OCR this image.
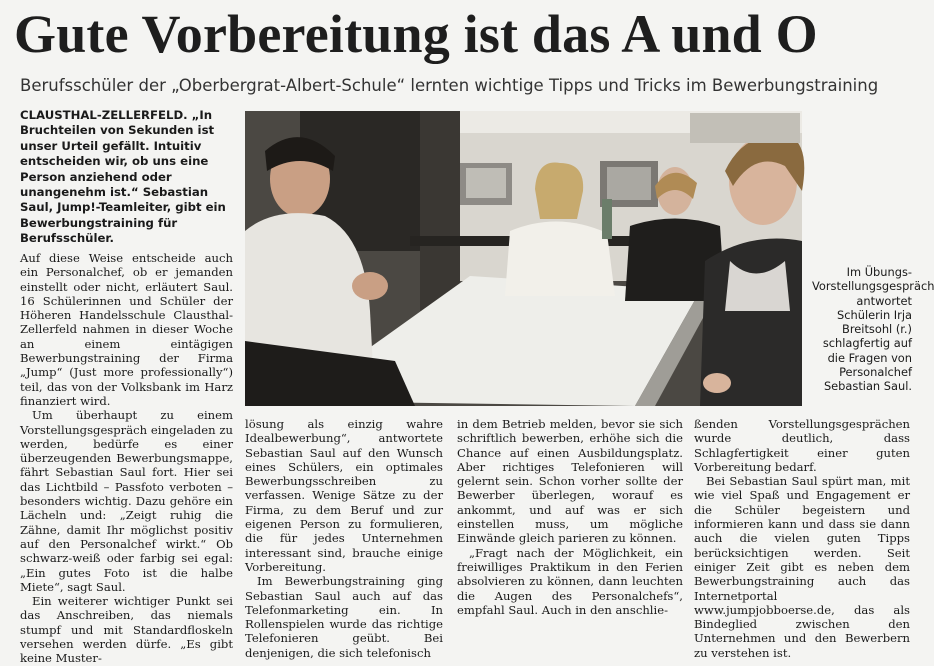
Gute Vorbereitung ist das A und O
Berufsschüler der „Oberbergrat-Albert-Schule“ lernten wichtige Tipps und Tricks im Bewerbungstraining
CLAUSTHAL-ZELLERFELD. „In Bruchteilen von Sekunden ist unser Urteil gefällt. Intuitiv entscheiden wir, ob uns eine Person anziehend oder unangenehm ist.“ Sebastian Saul, Jump!-Teamleiter, gibt ein Bewerbungstraining für Berufsschüler.

Auf diese Weise entscheide auch ein Personalchef, ob er jemanden einstellt oder nicht, erläutert Saul. 16 Schülerinnen und Schüler der Höheren Handelsschule Clausthal-Zellerfeld nahmen in dieser Woche an einem eintägigen Bewerbungstraining der Firma „Jump“ (Just more professionally“) teil, das von der Volksbank im Harz finanziert wird.

Um überhaupt zu einem Vorstellungsgespräch eingeladen zu werden, bedürfe es einer überzeugenden Bewerbungsmappe, fährt Sebastian Saul fort. Hier sei das Lichtbild – Passfoto verboten – besonders wichtig. Dazu gehöre ein Lächeln und: „Zeigt ruhig die Zähne, damit Ihr möglichst positiv auf den Personalchef wirkt.“ Ob schwarz-weiß oder farbig sei egal: „Ein gutes Foto ist die halbe Miete“, sagt Saul.

Ein weiterer wichtiger Punkt sei das Anschreiben, das niemals stumpf und mit Standardfloskeln versehen werden dürfe. „Es gibt keine Muster-

lösung als einzig wahre Idealbewerbung“, antwortete Sebastian Saul auf den Wunsch eines Schülers, ein optimales Bewerbungsschreiben zu verfassen. Wenige Sätze zu der Firma, zu dem Beruf und zur eigenen Person zu formulieren, die für jedes Unternehmen interessant sind, brauche einige Vorbereitung.

Im Bewerbungstraining ging Sebastian Saul auch auf das Telefonmarketing ein. In Rollenspielen wurde das richtige Telefonieren geübt. Bei denjenigen, die sich telefonisch

in dem Betrieb melden, bevor sie sich schriftlich bewerben, erhöhe sich die Chance auf einen Ausbildungsplatz. Aber richtiges Telefonieren will gelernt sein. Schon vorher sollte der Bewerber überlegen, worauf es ankommt, und auf was er sich einstellen muss, um mögliche Einwände gleich parieren zu können.

„Fragt nach der Möglichkeit, ein freiwilliges Praktikum in den Ferien absolvieren zu können, dann leuchten die Augen des Personalchefs“, empfahl Saul. Auch in den anschlie-

ßenden Vorstellungsgesprächen wurde deutlich, dass Schlagfertigkeit einer guten Vorbereitung bedarf.

Bei Sebastian Saul spürt man, mit wie viel Spaß und Engagement er die Schüler begeistern und informieren kann und dass sie dann auch die vielen guten Tipps berücksichtigen werden. Seit einiger Zeit gibt es neben dem Bewerbungstraining auch das Internetportal www.jumpjobboerse.de, das als Bindeglied zwischen den Unternehmen und den Bewerbern zu verstehen ist.

Im Übungs-Vorstellungsgespräch antwortet Schülerin Irja Breitsohl (r.) schlagfertig auf die Fragen von Personalchef Sebastian Saul.
